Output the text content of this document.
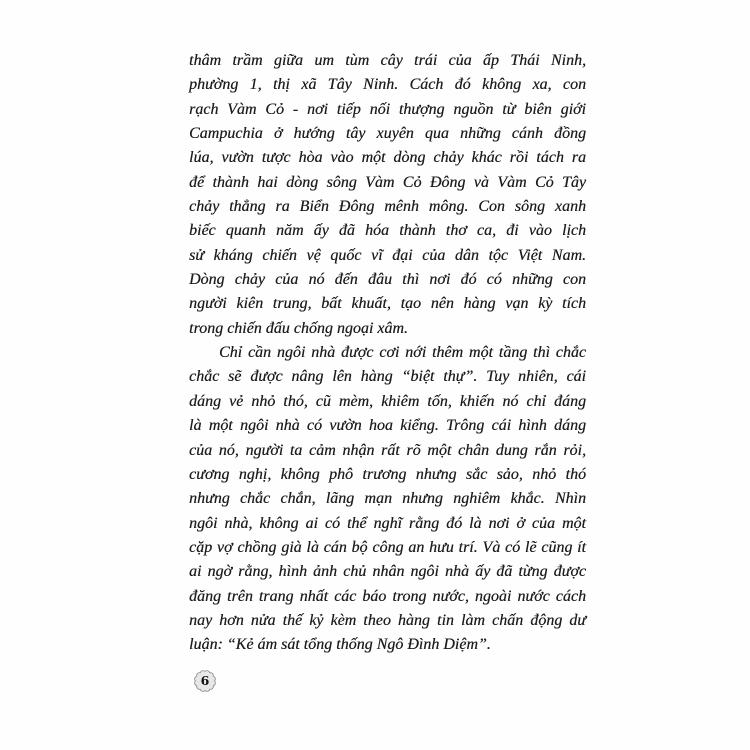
thâm trầm giữa um tùm cây trái của ấp Thái Ninh,
phường 1, thị xã Tây Ninh. Cách đó không xa, con
rạch Vàm Cỏ - nơi tiếp nối thượng nguồn từ biên giới
Campuchia ở hướng tây xuyên qua những cánh đồng
lúa, vườn tược hòa vào một dòng chảy khác rồi tách ra
để thành hai dòng sông Vàm Cỏ Đông và Vàm Cỏ Tây
chảy thẳng ra Biển Đông mênh mông. Con sông xanh
biếc quanh năm ấy đã hóa thành thơ ca, đi vào lịch
sử kháng chiến vệ quốc vĩ đại của dân tộc Việt Nam.
Dòng chảy của nó đến đâu thì nơi đó có những con
người kiên trung, bất khuất, tạo nên hàng vạn kỳ tích
trong chiến đấu chống ngoại xâm.
Chỉ cần ngôi nhà được cơi nới thêm một tầng thì chắc
chắc sẽ được nâng lên hàng “biệt thự”. Tuy nhiên, cái
dáng vẻ nhỏ thó, cũ mèm, khiêm tốn, khiến nó chỉ đáng
là một ngôi nhà có vườn hoa kiểng. Trông cái hình dáng
của nó, người ta cảm nhận rất rõ một chân dung rắn rỏi,
cương nghị, không phô trương nhưng sắc sảo, nhỏ thó
nhưng chắc chắn, lãng mạn nhưng nghiêm khắc. Nhìn
ngôi nhà, không ai có thể nghĩ rằng đó là nơi ở của một
cặp vợ chồng già là cán bộ công an hưu trí. Và có lẽ cũng ít
ai ngờ rằng, hình ảnh chủ nhân ngôi nhà ấy đã từng được
đăng trên trang nhất các báo trong nước, ngoài nước cách
nay hơn nửa thế kỷ kèm theo hàng tin làm chấn động dư
luận: “Kẻ ám sát tổng thống Ngô Đình Diệm”.
6
